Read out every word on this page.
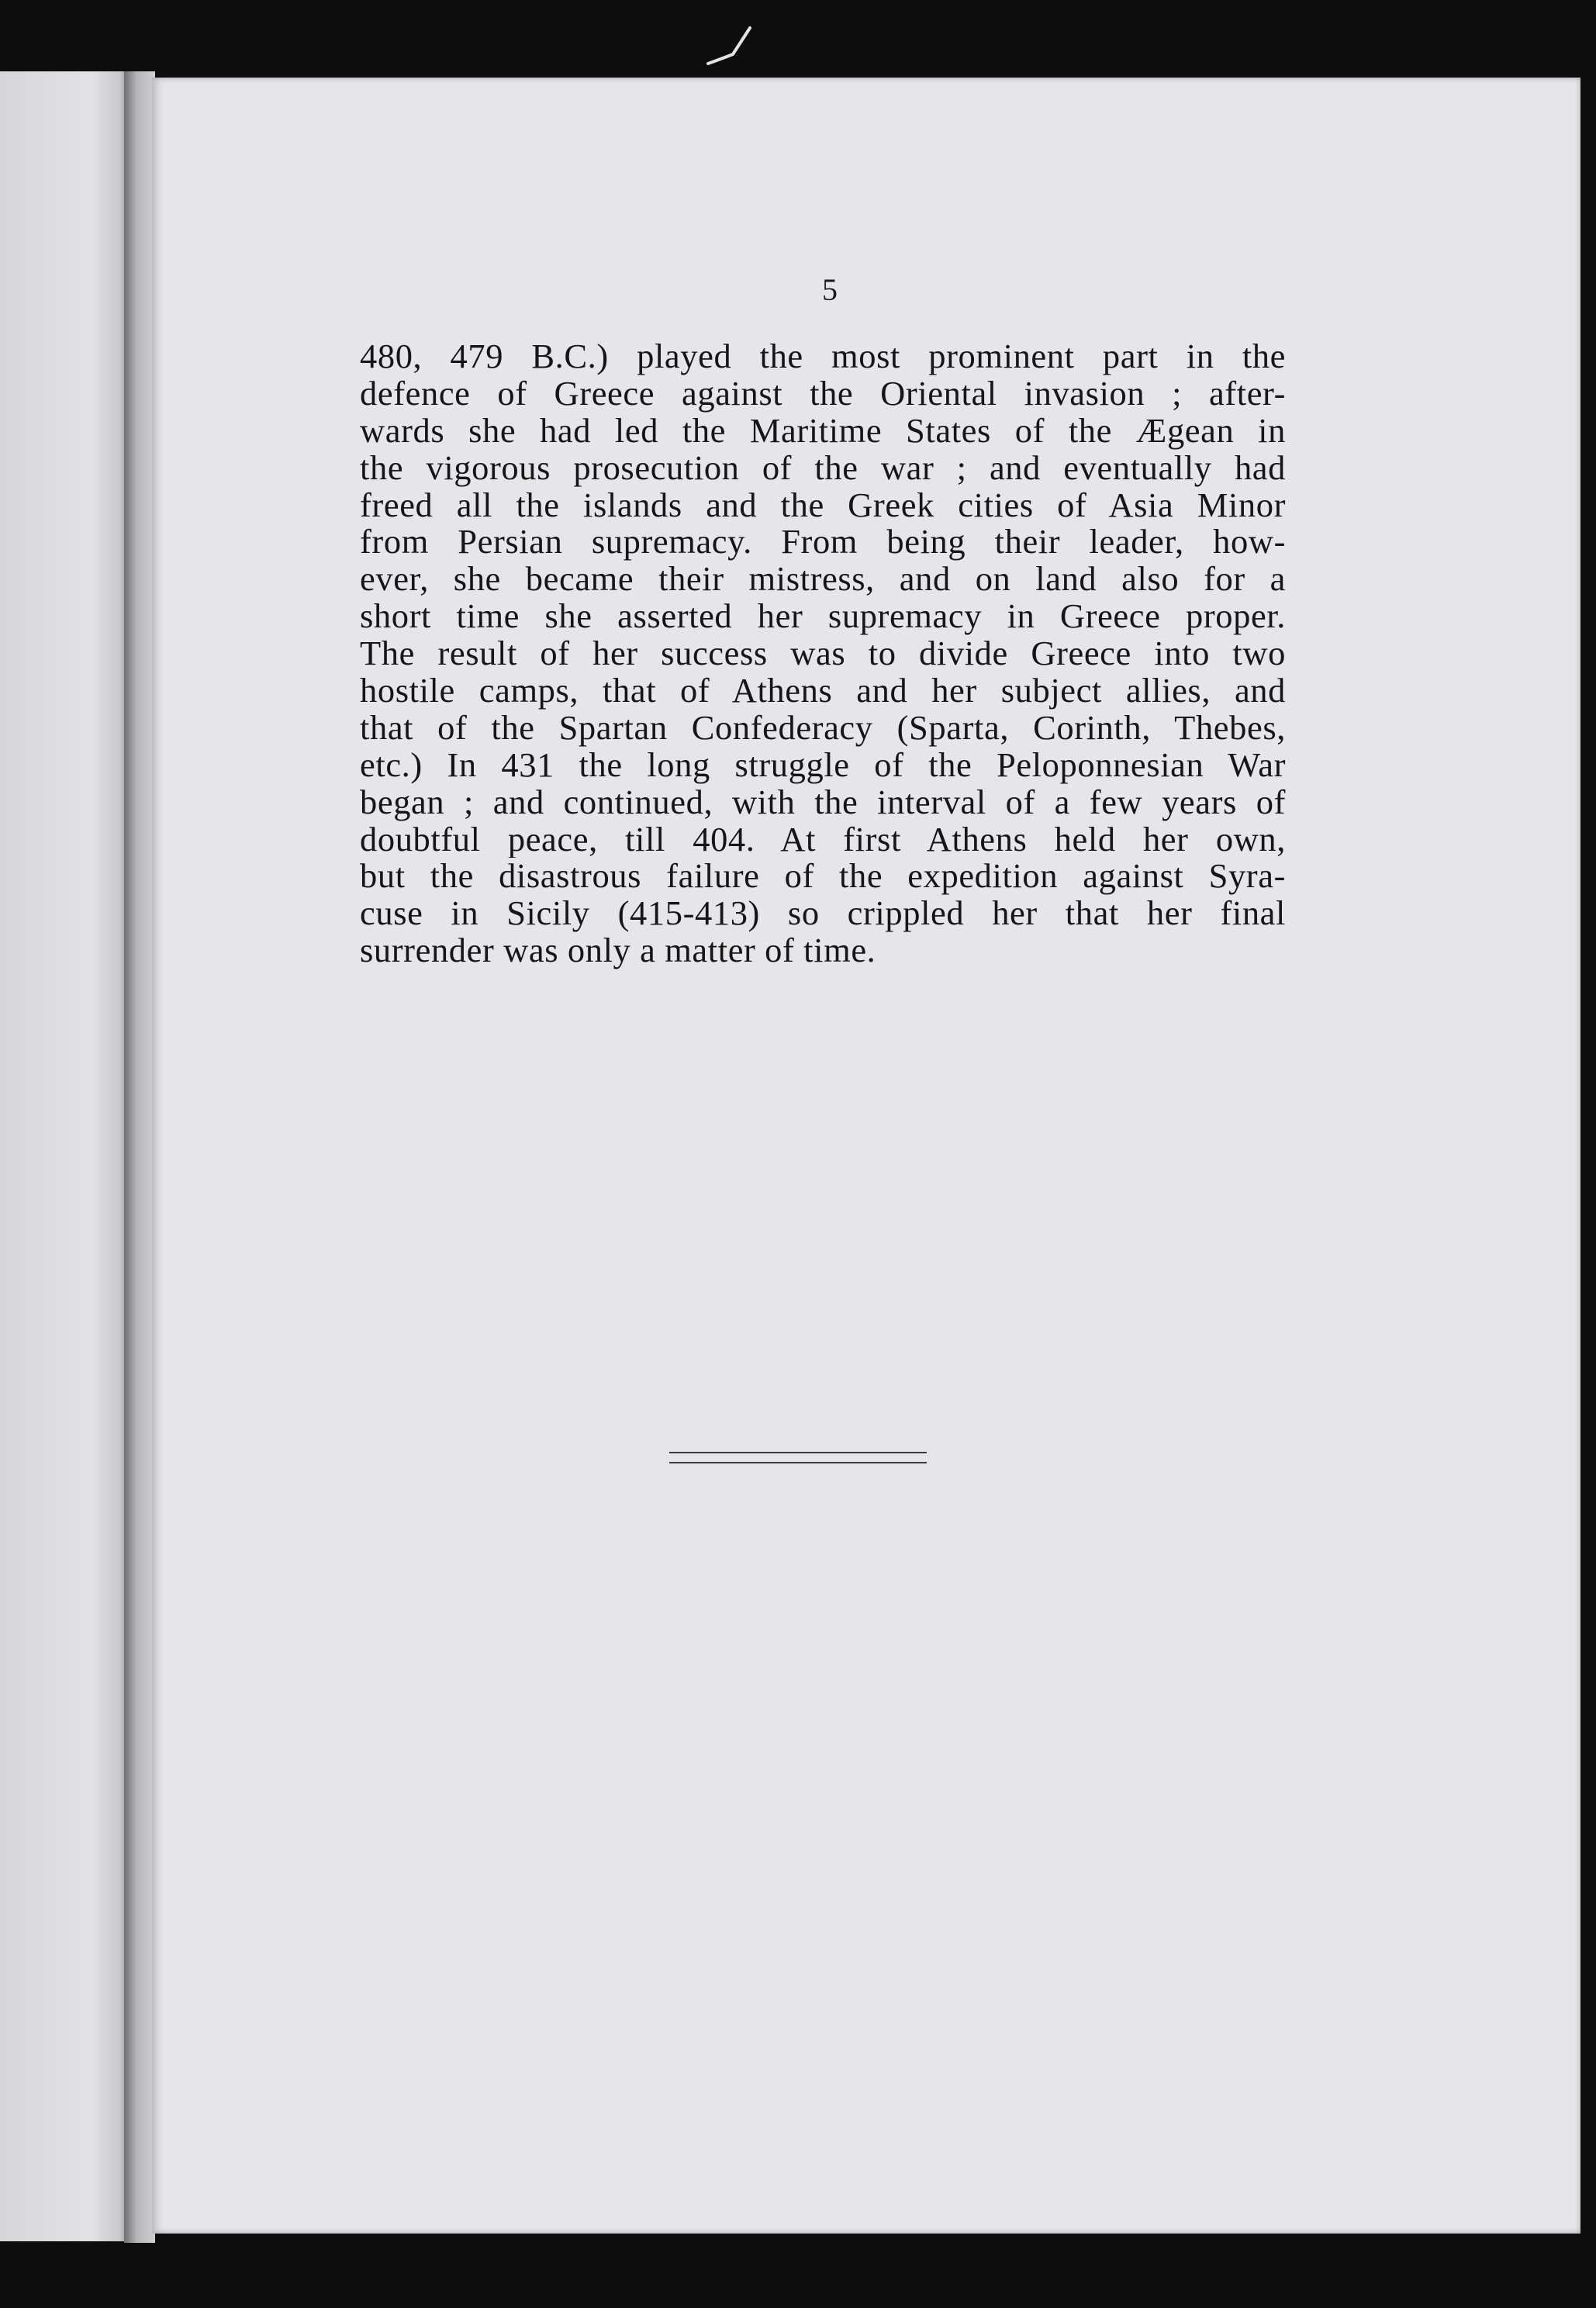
5
480, 479 B.C.) played the most prominent part in the
defence of Greece against the Oriental invasion ; after-
wards she had led the Maritime States of the Ægean in
the vigorous prosecution of the war ; and eventually had
freed all the islands and the Greek cities of Asia Minor
from Persian supremacy. From being their leader, how-
ever, she became their mistress, and on land also for a
short time she asserted her supremacy in Greece proper.
The result of her success was to divide Greece into two
hostile camps, that of Athens and her subject allies, and
that of the Spartan Confederacy (Sparta, Corinth, Thebes,
etc.) In 431 the long struggle of the Peloponnesian War
began ; and continued, with the interval of a few years of
doubtful peace, till 404. At first Athens held her own,
but the disastrous failure of the expedition against Syra-
cuse in Sicily (415-413) so crippled her that her final
surrender was only a matter of time.
